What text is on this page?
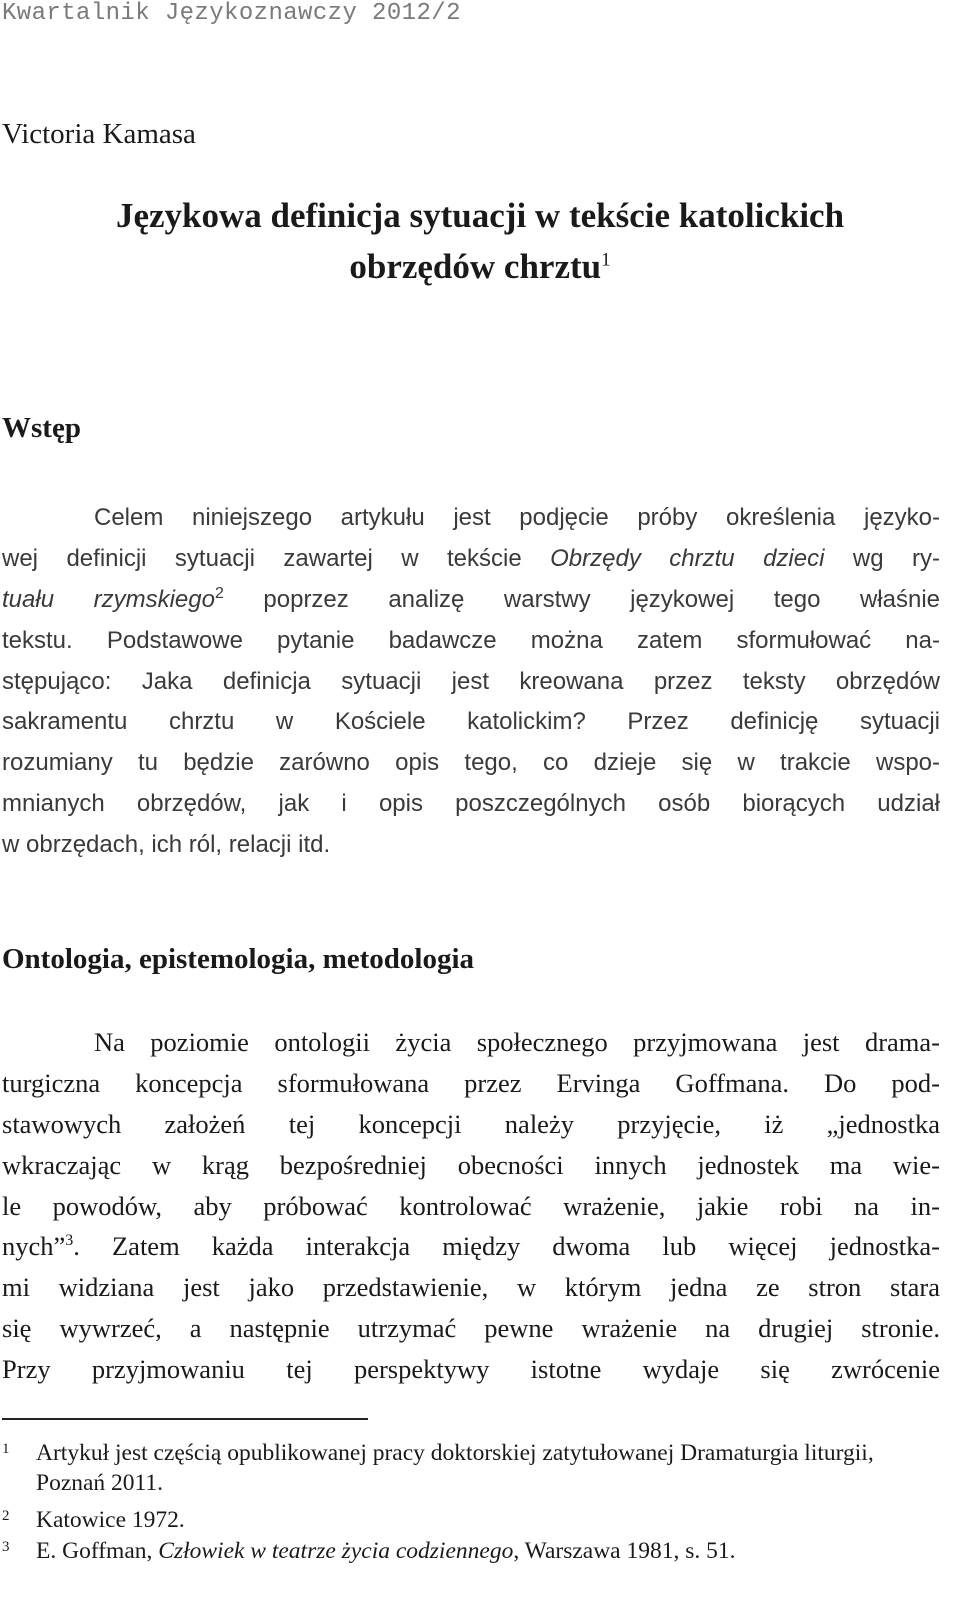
Kwartalnik Językoznawczy 2012/2
Victoria Kamasa
Językowa definicja sytuacji w tekście katolickich
obrzędów chrztu$^1$
Wstęp
Celem niniejszego artykułu jest podjęcie próby określenia języko-
wej definicji sytuacji zawartej w tekście Obrzędy chrztu dzieci wg ry-
tuału rzymskiego$^2$ poprzez analizę warstwy językowej tego właśnie
tekstu. Podstawowe pytanie badawcze można zatem sformułować na-
stępująco: Jaka definicja sytuacji jest kreowana przez teksty obrzędów
sakramentu chrztu w Kościele katolickim? Przez definicję sytuacji
rozumiany tu będzie zarówno opis tego, co dzieje się w trakcie wspo-
mnianych obrzędów, jak i opis poszczególnych osób biorących udział
w obrzędach, ich ról, relacji itd.
Ontologia, epistemologia, metodologia
Na poziomie ontologii życia społecznego przyjmowana jest drama-
turgiczna koncepcja sformułowana przez Ervinga Goffmana. Do pod-
stawowych założeń tej koncepcji należy przyjęcie, iż „jednostka
wkraczając w krąg bezpośredniej obecności innych jednostek ma wie-
le powodów, aby próbować kontrolować wrażenie, jakie robi na in-
nych”$^3$. Zatem każda interakcja między dwoma lub więcej jednostka-
mi widziana jest jako przedstawienie, w którym jedna ze stron stara
się wywrzeć, a następnie utrzymać pewne wrażenie na drugiej stronie.
Przy przyjmowaniu tej perspektywy istotne wydaje się zwrócenie
1 Artykuł jest częścią opublikowanej pracy doktorskiej zatytułowanej Dramaturgia liturgii, Poznań 2011.
2 Katowice 1972.
3 E. Goffman, Człowiek w teatrze życia codziennego, Warszawa 1981, s. 51.
